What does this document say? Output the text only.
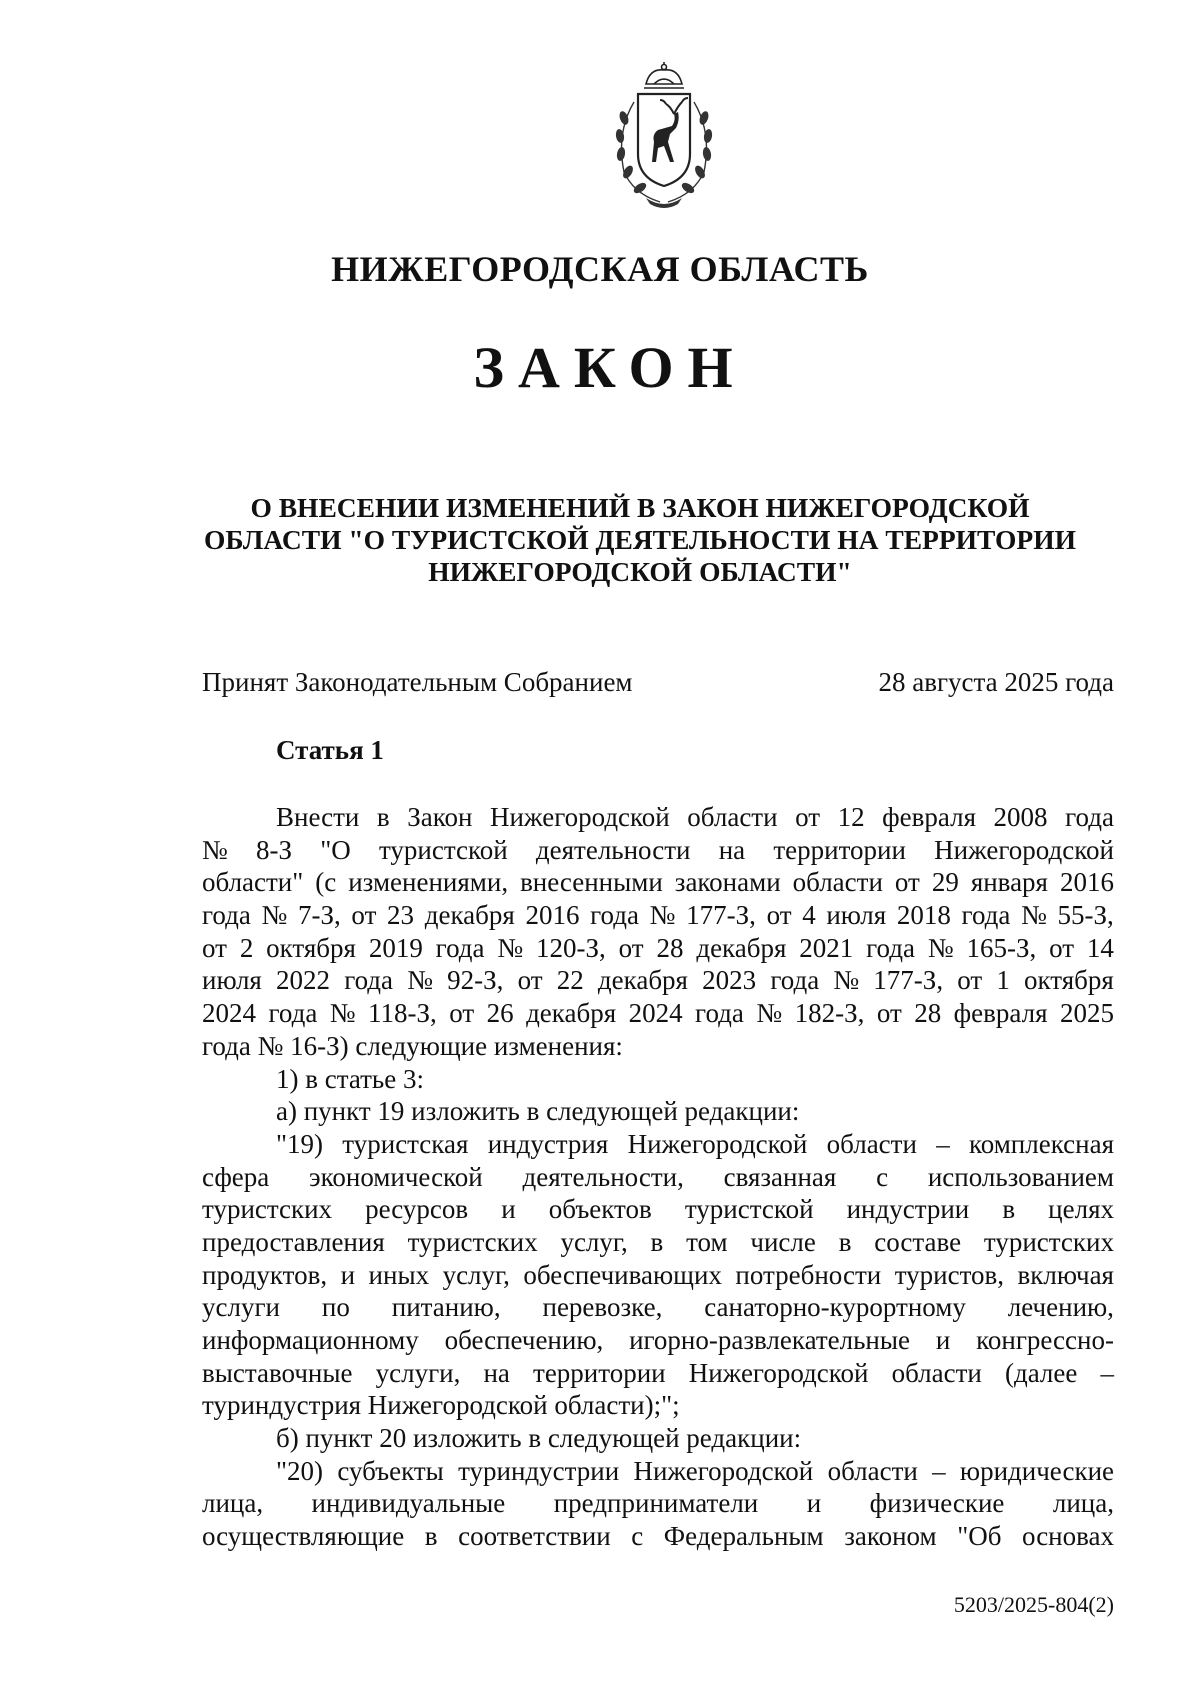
НИЖЕГОРОДСКАЯ ОБЛАСТЬ
ЗАКОН
О ВНЕСЕНИИ ИЗМЕНЕНИЙ В ЗАКОН НИЖЕГОРОДСКОЙ
ОБЛАСТИ "О ТУРИСТСКОЙ ДЕЯТЕЛЬНОСТИ НА ТЕРРИТОРИИ
НИЖЕГОРОДСКОЙ ОБЛАСТИ"
Принят Законодательным Собранием	28 августа 2025 года
Статья 1
Внести в Закон Нижегородской области от 12 февраля 2008 года
№ 8-З "О туристской деятельности на территории Нижегородской
области" (с изменениями, внесенными законами области от 29 января 2016
года № 7-З, от 23 декабря 2016 года № 177-З, от 4 июля 2018 года № 55-З,
от 2 октября 2019 года № 120-З, от 28 декабря 2021 года № 165-З, от 14
июля 2022 года № 92-З, от 22 декабря 2023 года № 177-З, от 1 октября
2024 года № 118-З, от 26 декабря 2024 года № 182-З, от 28 февраля 2025
года № 16-З) следующие изменения:
1) в статье 3:
а) пункт 19 изложить в следующей редакции:
"19) туристская индустрия Нижегородской области – комплексная
сфера экономической деятельности, связанная с использованием
туристских ресурсов и объектов туристской индустрии в целях
предоставления туристских услуг, в том числе в составе туристских
продуктов, и иных услуг, обеспечивающих потребности туристов, включая
услуги по питанию, перевозке, санаторно-курортному лечению,
информационному обеспечению, игорно-развлекательные и конгрессно-
выставочные услуги, на территории Нижегородской области (далее –
туриндустрия Нижегородской области);";
б) пункт 20 изложить в следующей редакции:
"20) субъекты туриндустрии Нижегородской области – юридические
лица, индивидуальные предприниматели и физические лица,
осуществляющие в соответствии с Федеральным законом "Об основах
5203/2025-804(2)
